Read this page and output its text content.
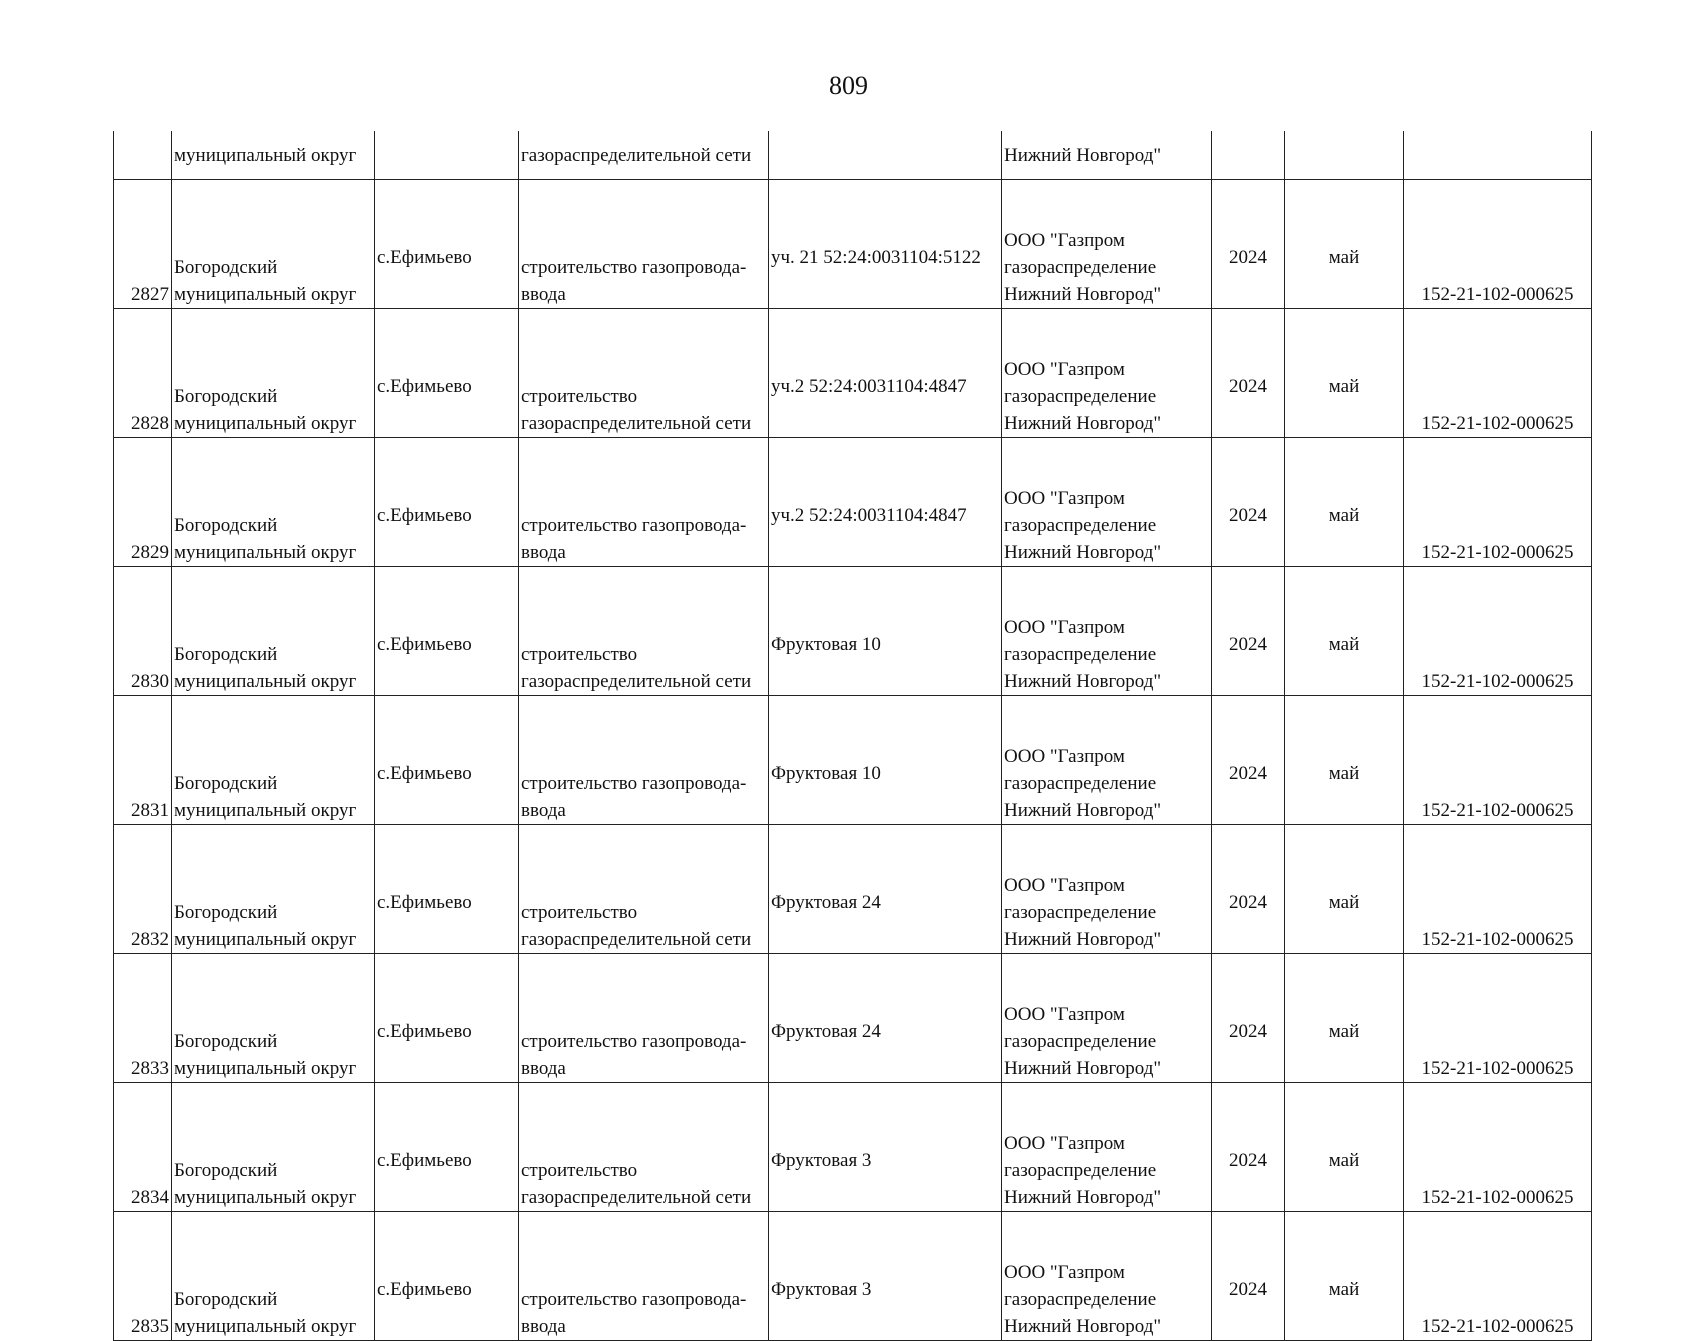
809
	муниципальный округ		газораспределительной сети		Нижний Новгород"			
2827	Богородский
муниципальный округ	с.Ефимьево	строительство газопровода-
ввода	уч. 21 52:24:0031104:5122	ООО "Газпром
газораспределение
Нижний Новгород"	2024	май	152-21-102-000625
2828	Богородский
муниципальный округ	с.Ефимьево	строительство
газораспределительной сети	уч.2 52:24:0031104:4847	ООО "Газпром
газораспределение
Нижний Новгород"	2024	май	152-21-102-000625
2829	Богородский
муниципальный округ	с.Ефимьево	строительство газопровода-
ввода	уч.2 52:24:0031104:4847	ООО "Газпром
газораспределение
Нижний Новгород"	2024	май	152-21-102-000625
2830	Богородский
муниципальный округ	с.Ефимьево	строительство
газораспределительной сети	Фруктовая 10	ООО "Газпром
газораспределение
Нижний Новгород"	2024	май	152-21-102-000625
2831	Богородский
муниципальный округ	с.Ефимьево	строительство газопровода-
ввода	Фруктовая 10	ООО "Газпром
газораспределение
Нижний Новгород"	2024	май	152-21-102-000625
2832	Богородский
муниципальный округ	с.Ефимьево	строительство
газораспределительной сети	Фруктовая 24	ООО "Газпром
газораспределение
Нижний Новгород"	2024	май	152-21-102-000625
2833	Богородский
муниципальный округ	с.Ефимьево	строительство газопровода-
ввода	Фруктовая 24	ООО "Газпром
газораспределение
Нижний Новгород"	2024	май	152-21-102-000625
2834	Богородский
муниципальный округ	с.Ефимьево	строительство
газораспределительной сети	Фруктовая 3	ООО "Газпром
газораспределение
Нижний Новгород"	2024	май	152-21-102-000625
2835	Богородский
муниципальный округ	с.Ефимьево	строительство газопровода-
ввода	Фруктовая 3	ООО "Газпром
газораспределение
Нижний Новгород"	2024	май	152-21-102-000625
